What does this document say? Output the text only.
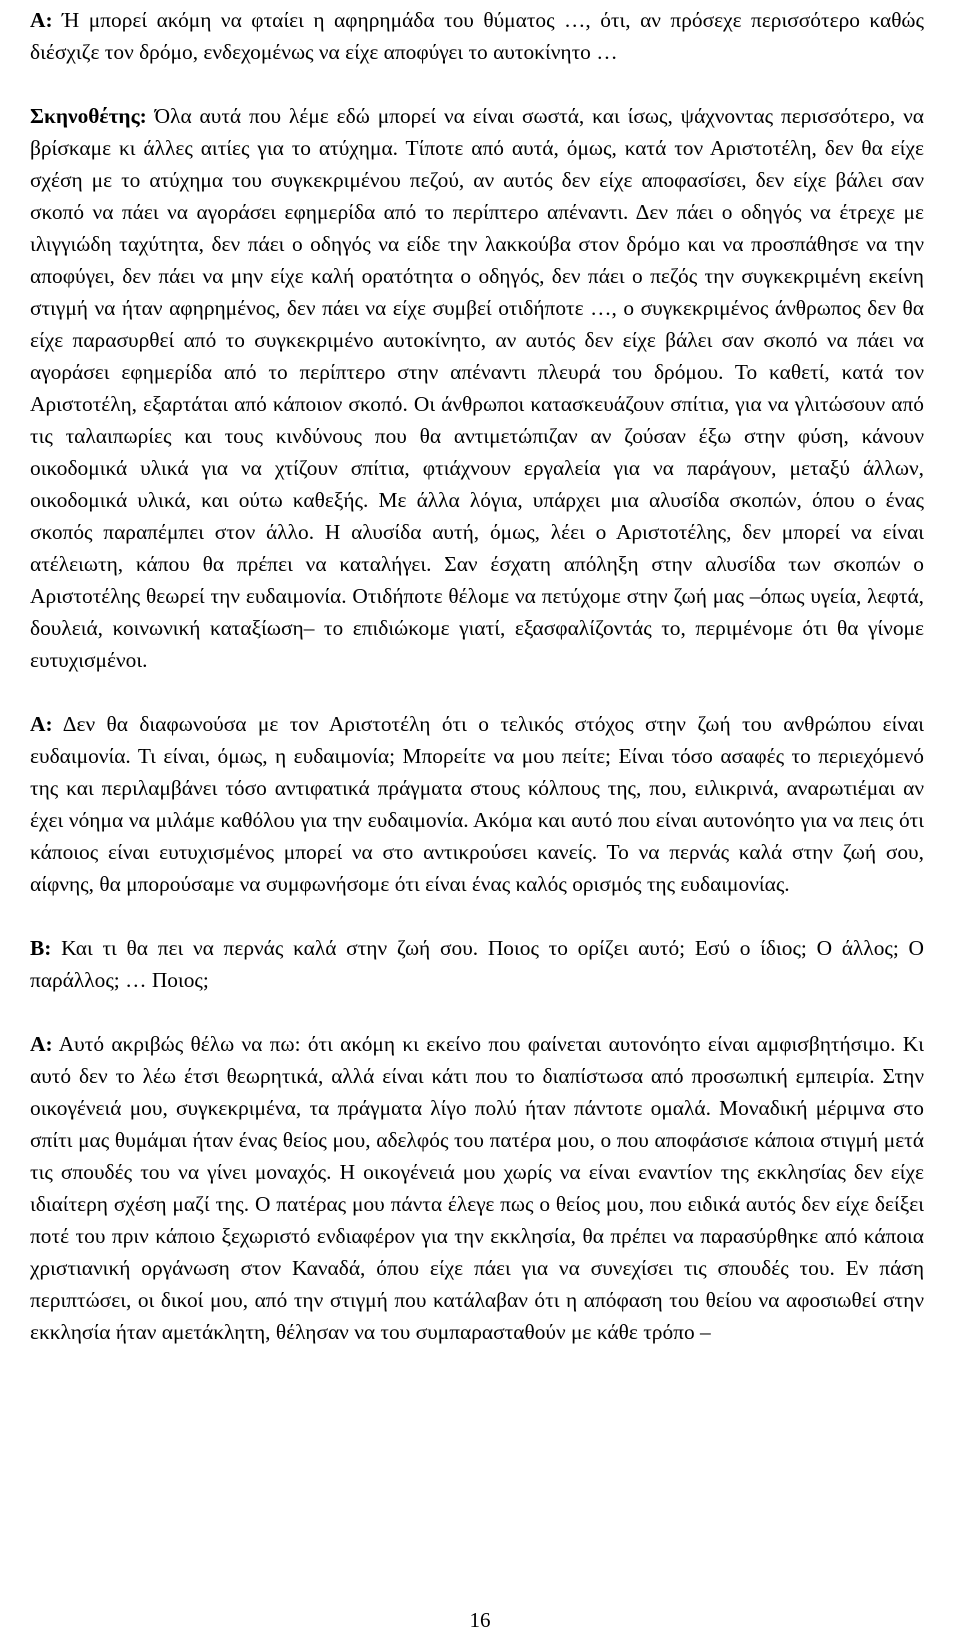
Α: Ή μπορεί ακόμη να φταίει η αφηρημάδα του θύματος …, ότι, αν πρόσεχε περισσότερο καθώς διέσχιζε τον δρόμο, ενδεχομένως να είχε αποφύγει το αυτοκίνητο …

Σκηνοθέτης: Όλα αυτά που λέμε εδώ μπορεί να είναι σωστά, και ίσως, ψάχνοντας περισσότερο, να βρίσκαμε κι άλλες αιτίες για το ατύχημα. Τίποτε από αυτά, όμως, κατά τον Αριστοτέλη, δεν θα είχε σχέση με το ατύχημα του συγκεκριμένου πεζού, αν αυτός δεν είχε αποφασίσει, δεν είχε βάλει σαν σκοπό να πάει να αγοράσει εφημερίδα από το περίπτερο απέναντι. Δεν πάει ο οδηγός να έτρεχε με ιλιγγιώδη ταχύτητα, δεν πάει ο οδηγός να είδε την λακκούβα στον δρόμο και να προσπάθησε να την αποφύγει, δεν πάει να μην είχε καλή ορατότητα ο οδηγός, δεν πάει ο πεζός την συγκεκριμένη εκείνη στιγμή να ήταν αφηρημένος, δεν πάει να είχε συμβεί οτιδήποτε …, ο συγκεκριμένος άνθρωπος δεν θα είχε παρασυρθεί από το συγκεκριμένο αυτοκίνητο, αν αυτός δεν είχε βάλει σαν σκοπό να πάει να αγοράσει εφημερίδα από το περίπτερο στην απέναντι πλευρά του δρόμου. Το καθετί, κατά τον Αριστοτέλη, εξαρτάται από κάποιον σκοπό. Οι άνθρωποι κατασκευάζουν σπίτια, για να γλιτώσουν από τις ταλαιπωρίες και τους κινδύνους που θα αντιμετώπιζαν αν ζούσαν έξω στην φύση, κάνουν οικοδομικά υλικά για να χτίζουν σπίτια, φτιάχνουν εργαλεία για να παράγουν, μεταξύ άλλων, οικοδομικά υλικά, και ούτω καθεξής. Με άλλα λόγια, υπάρχει μια αλυσίδα σκοπών, όπου ο ένας σκοπός παραπέμπει στον άλλο. Η αλυσίδα αυτή, όμως, λέει ο Αριστοτέλης, δεν μπορεί να είναι ατέλειωτη, κάπου θα πρέπει να καταλήγει. Σαν έσχατη απόληξη στην αλυσίδα των σκοπών ο Αριστοτέλης θεωρεί την ευδαιμονία. Οτιδήποτε θέλομε να πετύχομε στην ζωή μας –όπως υγεία, λεφτά, δουλειά, κοινωνική καταξίωση– το επιδιώκομε γιατί, εξασφαλίζοντάς το, περιμένομε ότι θα γίνομε ευτυχισμένοι.

Α: Δεν θα διαφωνούσα με τον Αριστοτέλη ότι ο τελικός στόχος στην ζωή του ανθρώπου είναι ευδαιμονία. Τι είναι, όμως, η ευδαιμονία; Μπορείτε να μου πείτε; Είναι τόσο ασαφές το περιεχόμενό της και περιλαμβάνει τόσο αντιφατικά πράγματα στους κόλπους της, που, ειλικρινά, αναρωτιέμαι αν έχει νόημα να μιλάμε καθόλου για την ευδαιμονία. Ακόμα και αυτό που είναι αυτονόητο για να πεις ότι κάποιος είναι ευτυχισμένος μπορεί να στο αντικρούσει κανείς. Το να περνάς καλά στην ζωή σου, αίφνης, θα μπορούσαμε να συμφωνήσομε ότι είναι ένας καλός ορισμός της ευδαιμονίας.

Β: Και τι θα πει να περνάς καλά στην ζωή σου. Ποιος το ορίζει αυτό; Εσύ ο ίδιος; Ο άλλος; Ο παράλλος; … Ποιος;

Α: Αυτό ακριβώς θέλω να πω: ότι ακόμη κι εκείνο που φαίνεται αυτονόητο είναι αμφισβητήσιμο. Κι αυτό δεν το λέω έτσι θεωρητικά, αλλά είναι κάτι που το διαπίστωσα από προσωπική εμπειρία. Στην οικογένειά μου, συγκεκριμένα, τα πράγματα λίγο πολύ ήταν πάντοτε ομαλά. Μοναδική μέριμνα στο σπίτι μας θυμάμαι ήταν ένας θείος μου, αδελφός του πατέρα μου, ο που αποφάσισε κάποια στιγμή μετά τις σπουδές του να γίνει μοναχός. Η οικογένειά μου χωρίς να είναι εναντίον της εκκλησίας δεν είχε ιδιαίτερη σχέση μαζί της. Ο πατέρας μου πάντα έλεγε πως ο θείος μου, που ειδικά αυτός δεν είχε δείξει ποτέ του πριν κάποιο ξεχωριστό ενδιαφέρον για την εκκλησία, θα πρέπει να παρασύρθηκε από κάποια χριστιανική οργάνωση στον Καναδά, όπου είχε πάει για να συνεχίσει τις σπουδές του. Εν πάση περιπτώσει, οι δικοί μου, από την στιγμή που κατάλαβαν ότι η απόφαση του θείου να αφοσιωθεί στην εκκλησία ήταν αμετάκλητη, θέλησαν να του συμπαρασταθούν με κάθε τρόπο –

16
